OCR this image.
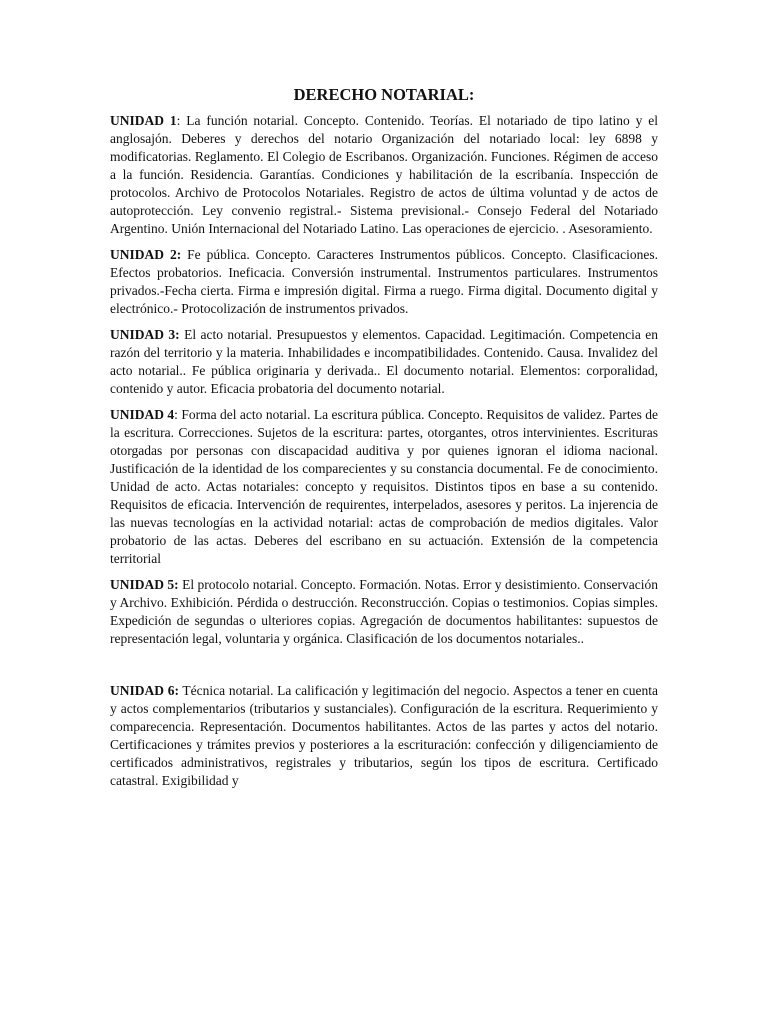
DERECHO NOTARIAL:

UNIDAD 1: La función notarial. Concepto. Contenido. Teorías. El notariado de tipo latino y el anglosajón. Deberes y derechos del notario Organización del notariado local: ley 6898 y modificatorias. Reglamento. El Colegio de Escribanos. Organización. Funciones. Régimen de acceso a la función. Residencia. Garantías. Condiciones y habilitación de la escribanía. Inspección de protocolos. Archivo de Protocolos Notariales. Registro de actos de última voluntad y de actos de autoprotección. Ley convenio registral.- Sistema previsional.- Consejo Federal del Notariado Argentino. Unión Internacional del Notariado Latino. Las operaciones de ejercicio. . Asesoramiento.

UNIDAD 2: Fe pública. Concepto. Caracteres Instrumentos públicos. Concepto. Clasificaciones. Efectos probatorios. Ineficacia. Conversión instrumental. Instrumentos particulares. Instrumentos privados.-Fecha cierta. Firma e impresión digital. Firma a ruego. Firma digital. Documento digital y electrónico.- Protocolización de instrumentos privados.

UNIDAD 3: El acto notarial. Presupuestos y elementos. Capacidad. Legitimación. Competencia en razón del territorio y la materia. Inhabilidades e incompatibilidades. Contenido. Causa. Invalidez del acto notarial.. Fe pública originaria y derivada.. El documento notarial. Elementos: corporalidad, contenido y autor. Eficacia probatoria del documento notarial.

UNIDAD 4: Forma del acto notarial. La escritura pública. Concepto. Requisitos de validez. Partes de la escritura. Correcciones. Sujetos de la escritura: partes, otorgantes, otros intervinientes. Escrituras otorgadas por personas con discapacidad auditiva y por quienes ignoran el idioma nacional. Justificación de la identidad de los comparecientes y su constancia documental. Fe de conocimiento. Unidad de acto. Actas notariales: concepto y requisitos. Distintos tipos en base a su contenido. Requisitos de eficacia. Intervención de requirentes, interpelados, asesores y peritos. La injerencia de las nuevas tecnologías en la actividad notarial: actas de comprobación de medios digitales. Valor probatorio de las actas. Deberes del escribano en su actuación. Extensión de la competencia territorial

UNIDAD 5: El protocolo notarial. Concepto. Formación. Notas. Error y desistimiento. Conservación y Archivo. Exhibición. Pérdida o destrucción. Reconstrucción. Copias o testimonios. Copias simples. Expedición de segundas o ulteriores copias. Agregación de documentos habilitantes: supuestos de representación legal, voluntaria y orgánica. Clasificación de los documentos notariales..

UNIDAD 6: Técnica notarial. La calificación y legitimación del negocio. Aspectos a tener en cuenta y actos complementarios (tributarios y sustanciales). Configuración de la escritura. Requerimiento y comparecencia. Representación. Documentos habilitantes. Actos de las partes y actos del notario. Certificaciones y trámites previos y posteriores a la escrituración: confección y diligenciamiento de certificados administrativos, registrales y tributarios, según los tipos de escritura. Certificado catastral. Exigibilidad y
